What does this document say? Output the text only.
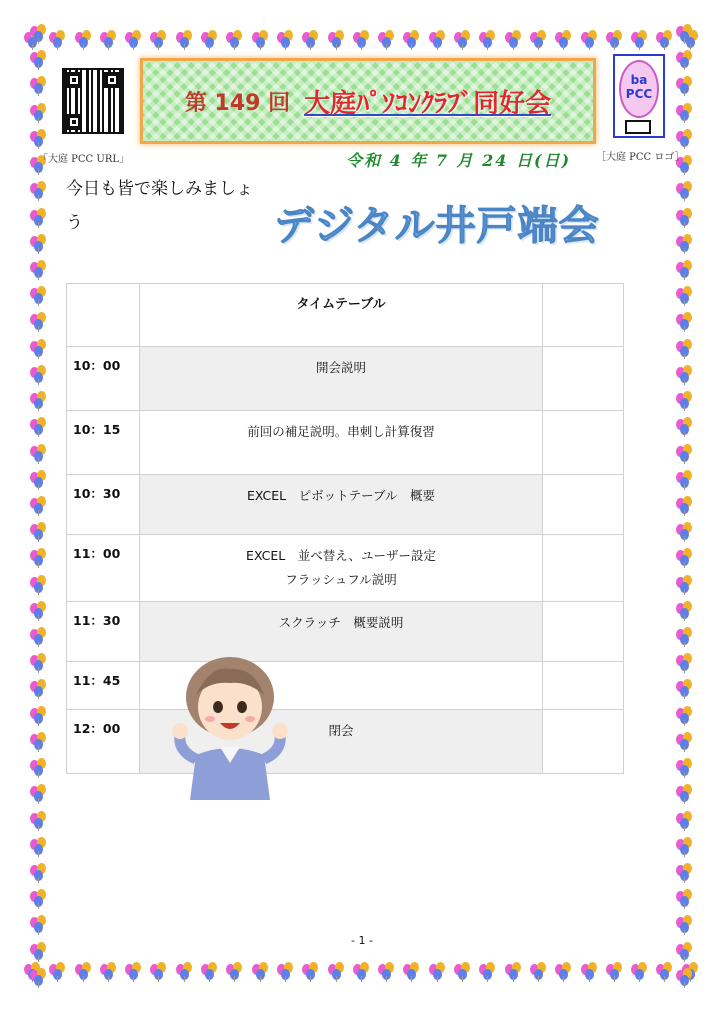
「大庭 PCC URL」
第 149 回 大庭ﾊﾟｿｺﾝｸﾗﾌﾞ同好会
ba
PCC
［大庭 PCC ロゴ］
令和 4 年 7 月 24 日(日)
今日も皆で楽しみましょう	デジタル井戸端会
	タイムテーブル	
10：00	開会説明	

10：15	前回の補足説明。串刺し計算復習	

10：30	EXCEL　ピボットテーブル　概要	

11：00	EXCEL　並べ替え、ユーザー設定
フラッシュフル説明	

11：30	スクラッチ　概要説明	

11：45	

12：00	閉会	

- 1 -
